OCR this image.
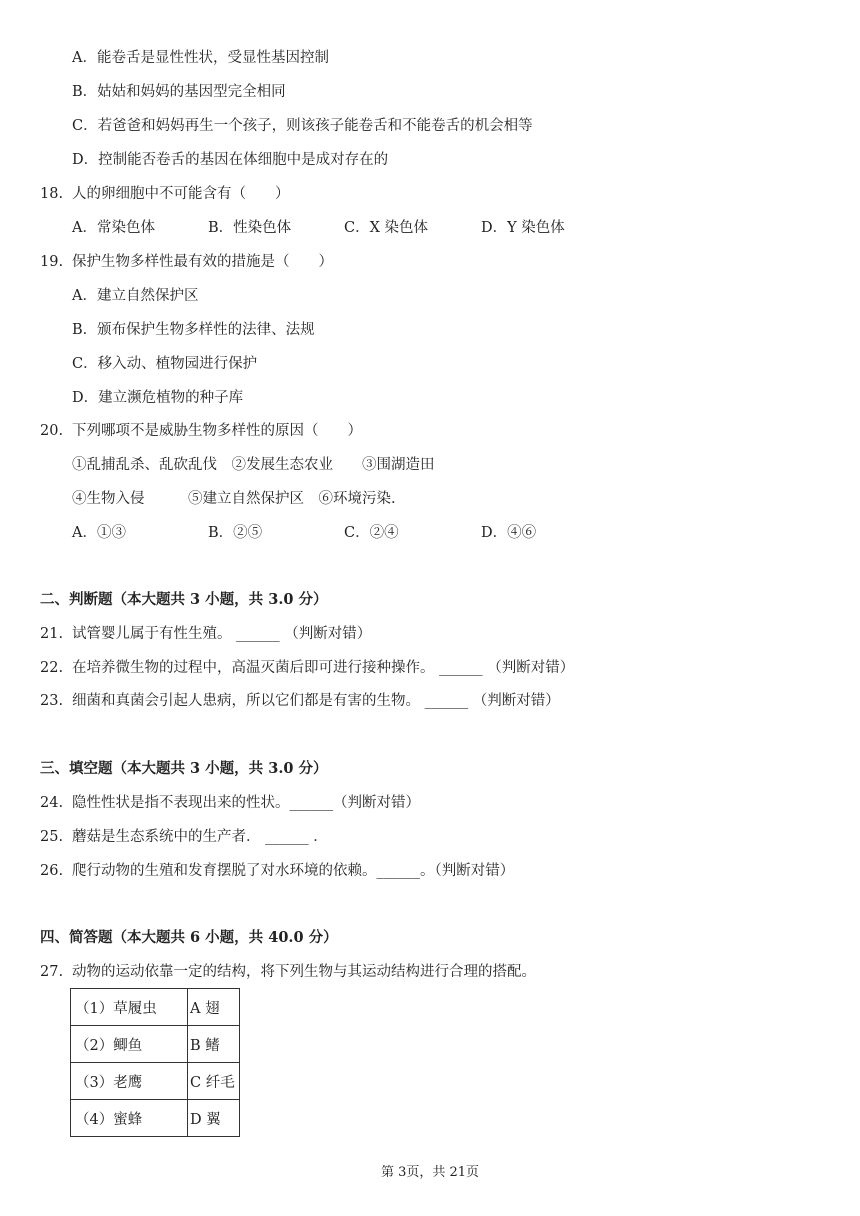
A．能卷舌是显性性状，受显性基因控制
B．姑姑和妈妈的基因型完全相同
C．若爸爸和妈妈再生一个孩子，则该孩子能卷舌和不能卷舌的机会相等
D．控制能否卷舌的基因在体细胞中是成对存在的
18. 人的卵细胞中不可能含有（　　）
A．常染色体	B．性染色体	C．X 染色体	D．Y 染色体
19. 保护生物多样性最有效的措施是（　　）
A．建立自然保护区
B．颁布保护生物多样性的法律、法规
C．移入动、植物园进行保护
D．建立濒危植物的种子库
20. 下列哪项不是威胁生物多样性的原因（　　）
①乱捕乱杀、乱砍乱伐　②发展生态农业　　③围湖造田
④生物入侵　　　⑤建立自然保护区　⑥环境污染.
A．①③	B．②⑤	C．②④	D．④⑥
二、判断题（本大题共 3 小题，共 3.0 分）
21. 试管婴儿属于有性生殖。 ______ （判断对错）
22. 在培养微生物的过程中，高温灭菌后即可进行接种操作。 ______ （判断对错）
23. 细菌和真菌会引起人患病，所以它们都是有害的生物。 ______ （判断对错）
三、填空题（本大题共 3 小题，共 3.0 分）
24. 隐性性状是指不表现出来的性状。______（判断对错）
25. 蘑菇是生态系统中的生产者． ______ ．
26. 爬行动物的生殖和发育摆脱了对水环境的依赖。______。（判断对错）
四、简答题（本大题共 6 小题，共 40.0 分）
27. 动物的运动依靠一定的结构，将下列生物与其运动结构进行合理的搭配。
（1）草履虫	A 翅
（2）鲫鱼	B 鳍
（3）老鹰	C 纤毛
（4）蜜蜂	D 翼
第 3页，共 21页
